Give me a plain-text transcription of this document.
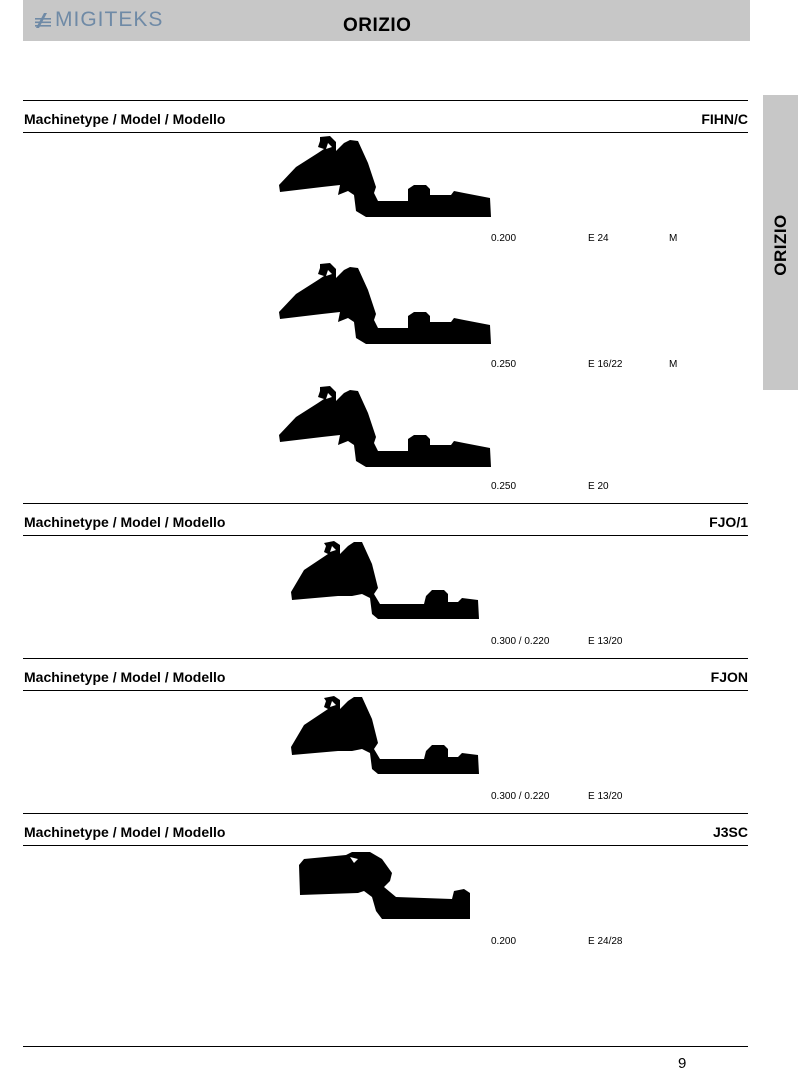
MIGITEKS	ORIZIO
ORIZIO
Machinetype / Model / Modello	FIHN/C
0.200	E 24	M
0.250	E 16/22	M
0.250	E 20
Machinetype / Model / Modello	FJO/1
0.300 / 0.220	E 13/20
Machinetype / Model / Modello	FJON
0.300 / 0.220	E 13/20
Machinetype / Model / Modello	J3SC
0.200	E 24/28
9
